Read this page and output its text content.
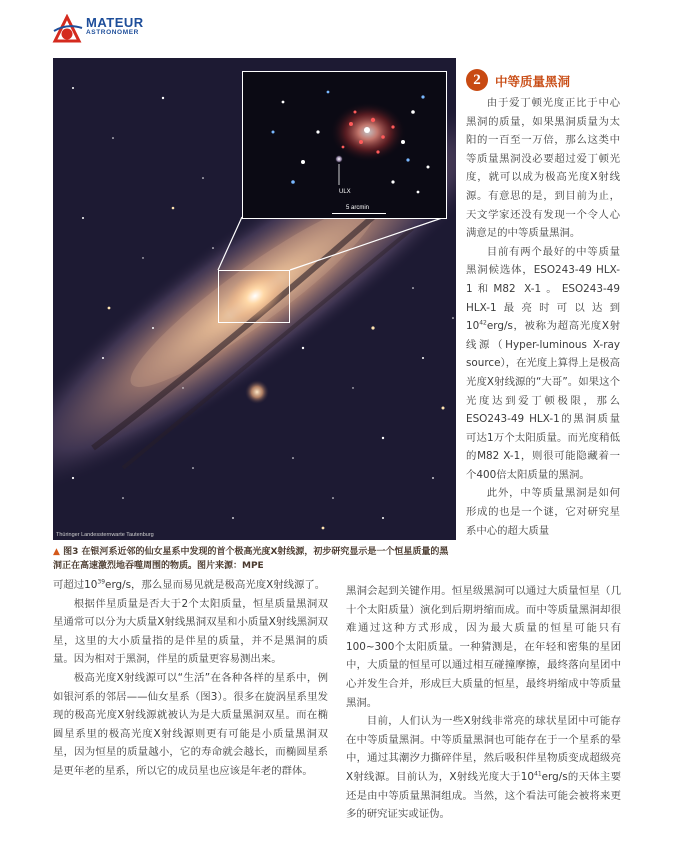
MATEUR
ASTRONOMER
Thüringer Landessternwarte Tautenburg
ULX
5 arcmin
▲ 图3 在银河系近邻的仙女星系中发现的首个极高光度X射线源，初步研究显示是一个恒星质量的黑洞正在高速激烈地吞噬周围的物质。图片来源：MPE
2	中等质量黑洞

由于爱丁顿光度正比于中心黑洞的质量，如果黑洞质量为太阳的一百至一万倍，那么这类中等质量黑洞没必要超过爱丁顿光度，就可以成为极高光度X射线源。有意思的是，到目前为止，天文学家还没有发现一个令人心满意足的中等质量黑洞。

目前有两个最好的中等质量黑洞候选体，ESO243-49 HLX-1和M82 X-1。ESO243-49 HLX-1最亮时可以达到$10^{42}erg/s$，被称为超高光度X射线源（Hyper-luminous X-ray source），在光度上算得上是极高光度X射线源的“大哥”。如果这个光度达到爱丁顿极限，那么ESO243-49 HLX-1的黑洞质量可达1万个太阳质量。而光度稍低的M82 X-1，则很可能隐藏着一个400倍太阳质量的黑洞。

此外，中等质量黑洞是如何形成的也是一个谜，它对研究星系中心的超大质量

可超过$10^{39}erg/s$，那么显而易见就是极高光度X射线源了。

根据伴星质量是否大于2个太阳质量，恒星质量黑洞双星通常可以分为大质量X射线黑洞双星和小质量X射线黑洞双星，这里的大小质量指的是伴星的质量，并不是黑洞的质量。因为相对于黑洞，伴星的质量更容易测出来。

极高光度X射线源可以“生活”在各种各样的星系中，例如银河系的邻居——仙女星系（图3）。很多在旋涡星系里发现的极高光度X射线源就被认为是大质量黑洞双星。而在椭圆星系里的极高光度X射线源则更有可能是小质量黑洞双星，因为恒星的质量越小，它的寿命就会越长，而椭圆星系是更年老的星系，所以它的成员星也应该是年老的群体。

黑洞会起到关键作用。恒星级黑洞可以通过大质量恒星（几十个太阳质量）演化到后期坍缩而成。而中等质量黑洞却很难通过这种方式形成，因为最大质量的恒星可能只有100~300个太阳质量。一种猜测是，在年轻和密集的星团中，大质量的恒星可以通过相互碰撞摩擦，最终落向星团中心并发生合并，形成巨大质量的恒星，最终坍缩成中等质量黑洞。

目前，人们认为一些X射线非常亮的球状星团中可能存在中等质量黑洞。中等质量黑洞也可能存在于一个星系的晕中，通过其潮汐力撕碎伴星，然后吸积伴星物质变成超级亮X射线源。目前认为，X射线光度大于$10^{41}erg/s$的天体主要还是由中等质量黑洞组成。当然，这个看法可能会被将来更多的研究证实或证伪。
